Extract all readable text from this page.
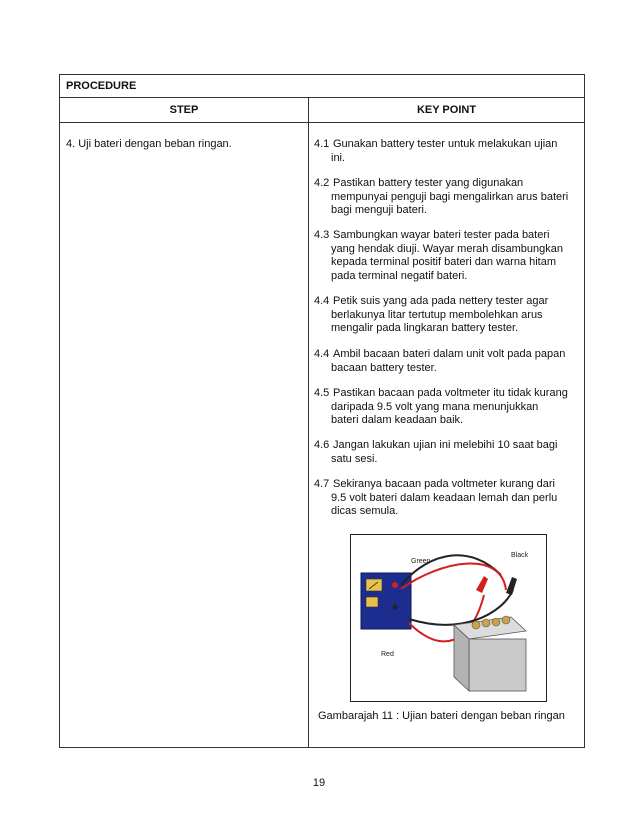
PROCEDURE
STEP	KEY POINT
4. Uji bateri dengan beban ringan.	4.1 Gunakan battery tester untuk melakukan ujian
ini.
4.2 Pastikan battery tester yang digunakan
mempunyai penguji bagi mengalirkan arus bateri
bagi menguji bateri.
4.3 Sambungkan wayar bateri tester pada bateri
yang hendak diuji. Wayar merah disambungkan
kepada terminal positif bateri dan warna hitam
pada terminal negatif bateri.
4.4 Petik suis yang ada pada nettery tester agar
berlakunya litar tertutup membolehkan arus
mengalir pada lingkaran battery tester.
4.4 Ambil bacaan bateri dalam unit volt pada papan
bacaan battery tester.
4.5 Pastikan bacaan pada voltmeter itu tidak kurang
daripada 9.5 volt yang mana menunjukkan
bateri dalam keadaan baik.
4.6 Jangan lakukan ujian ini melebihi 10 saat bagi
satu sesi.
4.7 Sekiranya bacaan pada voltmeter kurang dari
9.5 volt bateri dalam keadaan lemah dan perlu
dicas semula.
Green
Black
Red
Gambarajah 11 : Ujian bateri dengan beban ringan
19
